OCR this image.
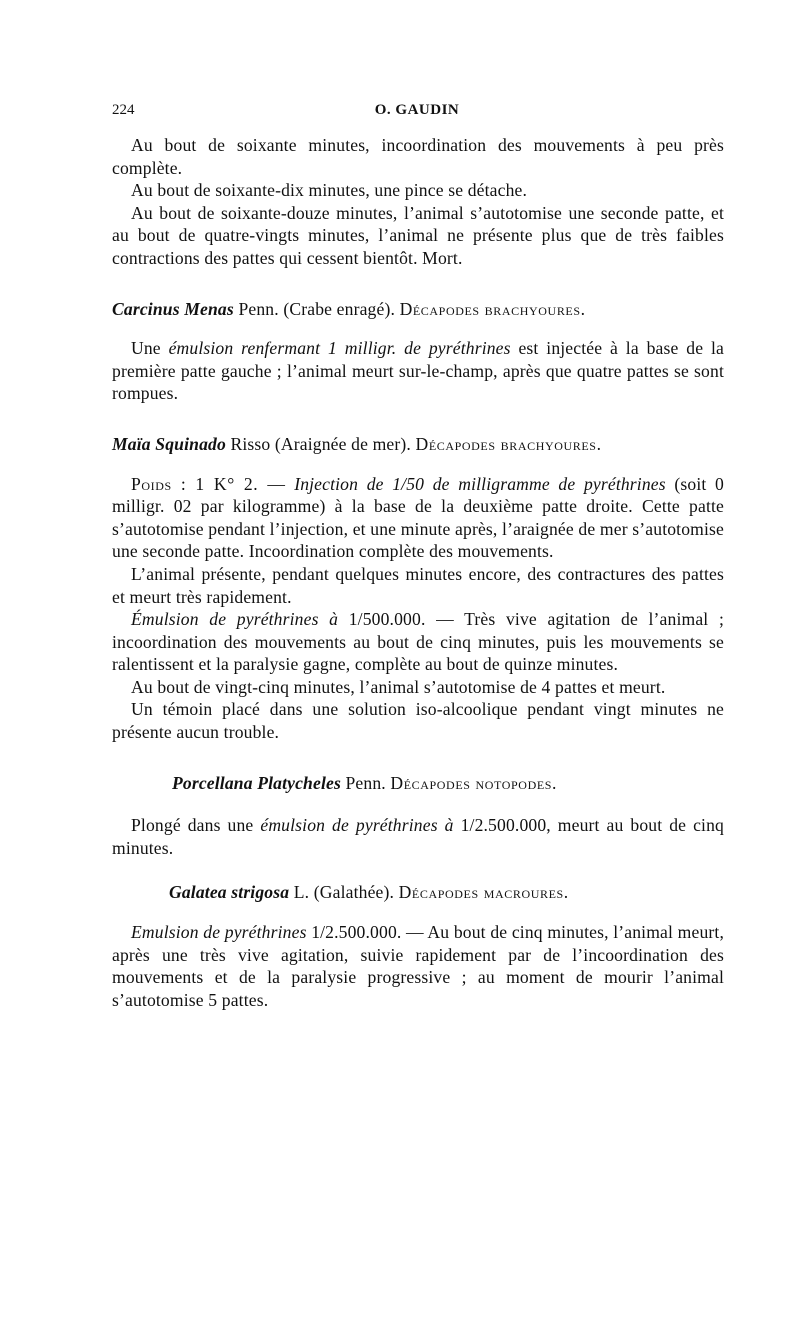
224	O. GAUDIN

Au bout de soixante minutes, incoordination des mouvements à peu près complète.

Au bout de soixante-dix minutes, une pince se détache.

Au bout de soixante-douze minutes, l’animal s’autotomise une seconde patte, et au bout de quatre-vingts minutes, l’animal ne présente plus que de très faibles contractions des pattes qui cessent bientôt. Mort.

Carcinus Menas Penn. (Crabe enragé). Décapodes brachyoures.

Une émulsion renfermant 1 milligr. de pyréthrines est injectée à la base de la première patte gauche ; l’animal meurt sur-le-champ, après que quatre pattes se sont rompues.

Maïa Squinado Risso (Araignée de mer). Décapodes brachyoures.

Poids : 1 K° 2. — Injection de 1/50 de milligramme de pyréthrines (soit 0 milligr. 02 par kilogramme) à la base de la deuxième patte droite. Cette patte s’autotomise pendant l’injection, et une minute après, l’araignée de mer s’autotomise une seconde patte. Incoordination complète des mouvements.

L’animal présente, pendant quelques minutes encore, des contractures des pattes et meurt très rapidement.

Émulsion de pyréthrines à 1/500.000. — Très vive agitation de l’animal ; incoordination des mouvements au bout de cinq minutes, puis les mouvements se ralentissent et la paralysie gagne, complète au bout de quinze minutes.

Au bout de vingt-cinq minutes, l’animal s’autotomise de 4 pattes et meurt.

Un témoin placé dans une solution iso-alcoolique pendant vingt minutes ne présente aucun trouble.

Porcellana Platycheles Penn. Décapodes notopodes.

Plongé dans une émulsion de pyréthrines à 1/2.500.000, meurt au bout de cinq minutes.

Galatea strigosa L. (Galathée). Décapodes macroures.

Emulsion de pyréthrines 1/2.500.000. — Au bout de cinq minutes, l’animal meurt, après une très vive agitation, suivie rapidement par de l’incoordination des mouvements et de la paralysie progressive ; au moment de mourir l’animal s’autotomise 5 pattes.
